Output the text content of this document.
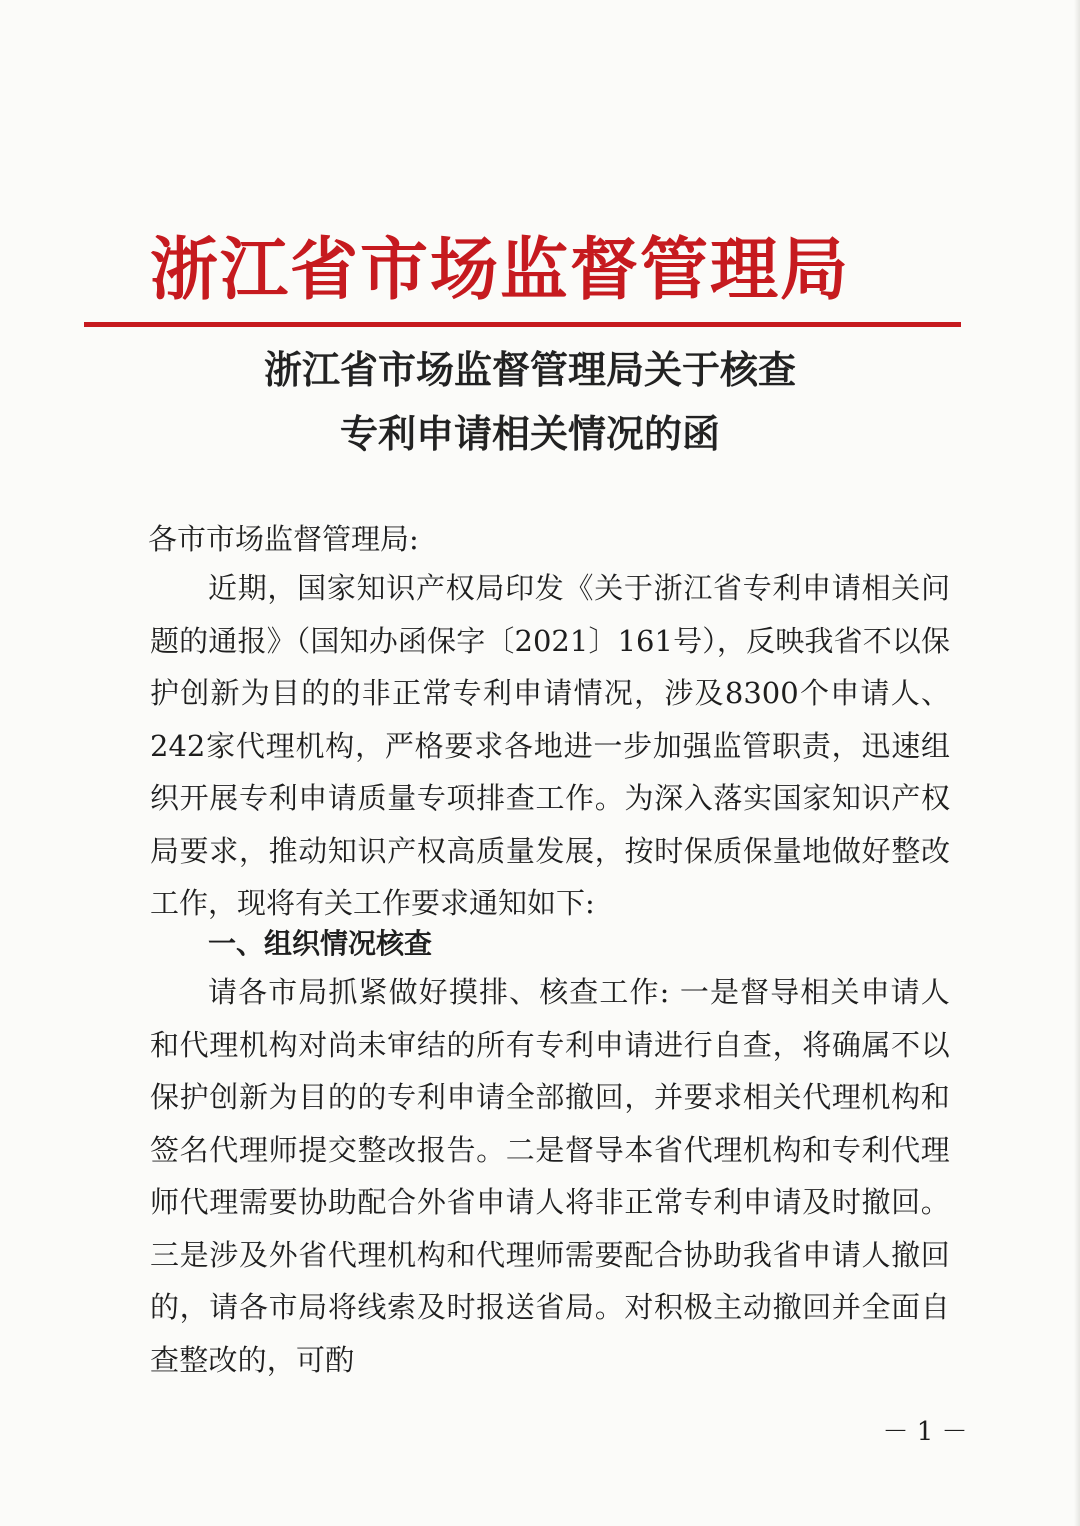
浙江省市场监督管理局
浙江省市场监督管理局关于核查
专利申请相关情况的函
各市市场监督管理局:

近期，国家知识产权局印发《关于浙江省专利申请相关问题的通报》（国知办函保字〔2021〕161号），反映我省不以保护创新为目的的非正常专利申请情况，涉及8300个申请人、242家代理机构，严格要求各地进一步加强监管职责，迅速组织开展专利申请质量专项排查工作。为深入落实国家知识产权局要求，推动知识产权高质量发展，按时保质保量地做好整改工作，现将有关工作要求通知如下:

一、组织情况核查

请各市局抓紧做好摸排、核查工作: 一是督导相关申请人和代理机构对尚未审结的所有专利申请进行自查，将确属不以保护创新为目的的专利申请全部撤回，并要求相关代理机构和签名代理师提交整改报告。二是督导本省代理机构和专利代理师代理需要协助配合外省申请人将非正常专利申请及时撤回。三是涉及外省代理机构和代理师需要配合协助我省申请人撤回的，请各市局将线索及时报送省局。对积极主动撤回并全面自查整改的，可酌

－ 1 －
